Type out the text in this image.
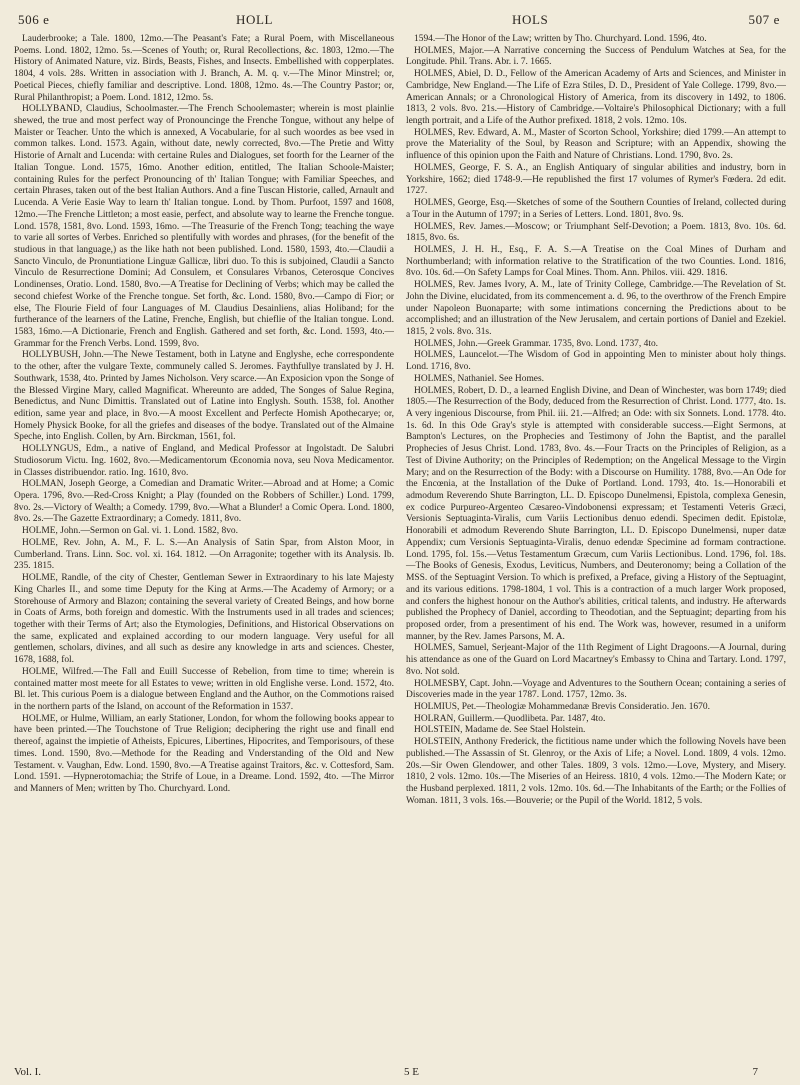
506 e	HOLL	HOLS	507 e

Lauderbrooke; a Tale. 1800, 12mo.—The Peasant's Fate; a Rural Poem, with Miscellaneous Poems. Lond. 1802, 12mo. 5s.—Scenes of Youth; or, Rural Recollections, &c. 1803, 12mo.—The History of Animated Nature, viz. Birds, Beasts, Fishes, and Insects. Embellished with copperplates. 1804, 4 vols. 28s. Written in association with J. Branch, A. M. q. v.—The Minor Minstrel; or, Poetical Pieces, chiefly familiar and descriptive. Lond. 1808, 12mo. 4s.—The Country Pastor; or, Rural Philanthropist; a Poem. Lond. 1812, 12mo. 5s.

HOLLYBAND, Claudius, Schoolmaster.—The French Schoolemaster; wherein is most plainlie shewed, the true and most perfect way of Pronouncinge the Frenche Tongue, without any helpe of Maister or Teacher. Unto the which is annexed, A Vocabularie, for al such woordes as bee vsed in common talkes. Lond. 1573. Again, without date, newly corrected, 8vo.—The Pretie and Witty Historie of Arnalt and Lucenda: with certaine Rules and Dialogues, set foorth for the Learner of the Italian Tongue. Lond. 1575, 16mo. Another edition, entitled, The Italian Schoole-Maister; containing Rules for the perfect Pronouncing of th' Italian Tongue; with Familiar Speeches, and certain Phrases, taken out of the best Italian Authors. And a fine Tuscan Historie, called, Arnault and Lucenda. A Verie Easie Way to learn th' Italian tongue. Lond. by Thom. Purfoot, 1597 and 1608, 12mo.—The Frenche Littleton; a most easie, perfect, and absolute way to learne the Frenche tongue. Lond. 1578, 1581, 8vo. Lond. 1593, 16mo. —The Treasurie of the French Tong; teaching the waye to varie all sortes of Verbes. Enriched so plentifully with wordes and phrases, (for the benefit of the studious in that language,) as the like hath not been published. Lond. 1580, 1593, 4to.—Claudii a Sancto Vinculo, de Pronuntiatione Linguæ Gallicæ, libri duo. To this is subjoined, Claudii a Sancto Vinculo de Resurrectione Domini; Ad Consulem, et Consulares Vrbanos, Ceterosque Concives Londinenses, Oratio. Lond. 1580, 8vo.—A Treatise for Declining of Verbs; which may be called the second chiefest Worke of the Frenche tongue. Set forth, &c. Lond. 1580, 8vo.—Campo di Fior; or else, The Flourie Field of four Languages of M. Claudius Desainliens, alias Holiband; for the furtherance of the learners of the Latine, Frenche, English, but chieflie of the Italian tongue. Lond. 1583, 16mo.—A Dictionarie, French and English. Gathered and set forth, &c. Lond. 1593, 4to.—Grammar for the French Verbs. Lond. 1599, 8vo.

HOLLYBUSH, John.—The Newe Testament, both in Latyne and Englyshe, eche correspondente to the other, after the vulgare Texte, communely called S. Jeromes. Faythfullye translated by J. H. Southwark, 1538, 4to. Printed by James Nicholson. Very scarce.—An Exposicion vpon the Songe of the Blessed Virgine Mary, called Magnificat. Whereunto are added, The Songes of Salue Regina, Benedictus, and Nunc Dimittis. Translated out of Latine into Englysh. South. 1538, fol. Another edition, same year and place, in 8vo.—A moost Excellent and Perfecte Homish Apothecarye; or, Homely Physick Booke, for all the griefes and diseases of the bodye. Translated out of the Almaine Speche, into English. Collen, by Arn. Birckman, 1561, fol.

HOLLYNGUS, Edm., a native of England, and Medical Professor at Ingolstadt. De Salubri Studiosorum Victu. Ing. 1602, 8vo.—Medicamentorum Œconomia nova, seu Nova Medicamentor. in Classes distribuendor. ratio. Ing. 1610, 8vo.

HOLMAN, Joseph George, a Comedian and Dramatic Writer.—Abroad and at Home; a Comic Opera. 1796, 8vo.—Red-Cross Knight; a Play (founded on the Robbers of Schiller.) Lond. 1799, 8vo. 2s.—Victory of Wealth; a Comedy. 1799, 8vo.—What a Blunder! a Comic Opera. Lond. 1800, 8vo. 2s.—The Gazette Extraordinary; a Comedy. 1811, 8vo.

HOLME, John.—Sermon on Gal. vi. 1. Lond. 1582, 8vo.

HOLME, Rev. John, A. M., F. L. S.—An Analysis of Satin Spar, from Alston Moor, in Cumberland. Trans. Linn. Soc. vol. xi. 164. 1812. —On Arragonite; together with its Analysis. Ib. 235. 1815.

HOLME, Randle, of the city of Chester, Gentleman Sewer in Extraordinary to his late Majesty King Charles II., and some time Deputy for the King at Arms.—The Academy of Armory; or a Storehouse of Armory and Blazon; containing the several variety of Created Beings, and how borne in Coats of Arms, both foreign and domestic. With the Instruments used in all trades and sciences; together with their Terms of Art; also the Etymologies, Definitions, and Historical Observations on the same, explicated and explained according to our modern language. Very useful for all gentlemen, scholars, divines, and all such as desire any knowledge in arts and sciences. Chester, 1678, 1688, fol.

HOLME, Wilfred.—The Fall and Euill Successe of Rebelion, from time to time; wherein is contained matter most meete for all Estates to vewe; written in old Englishe verse. Lond. 1572, 4to. Bl. let. This curious Poem is a dialogue between England and the Author, on the Commotions raised in the northern parts of the Island, on account of the Reformation in 1537.

HOLME, or Hulme, William, an early Stationer, London, for whom the following books appear to have been printed.—The Touchstone of True Religion; deciphering the right use and finall end thereof, against the impietie of Atheists, Epicures, Libertines, Hipocrites, and Temporisours, of these times. Lond. 1590, 8vo.—Methode for the Reading and Vnderstanding of the Old and New Testament. v. Vaughan, Edw. Lond. 1590, 8vo.—A Treatise against Traitors, &c. v. Cottesford, Sam. Lond. 1591. —Hypnerotomachia; the Strife of Loue, in a Dreame. Lond. 1592, 4to. —The Mirror and Manners of Men; written by Tho. Churchyard. Lond.

1594.—The Honor of the Law; written by Tho. Churchyard. Lond. 1596, 4to.

HOLMES, Major.—A Narrative concerning the Success of Pendulum Watches at Sea, for the Longitude. Phil. Trans. Abr. i. 7. 1665.

HOLMES, Abiel, D. D., Fellow of the American Academy of Arts and Sciences, and Minister in Cambridge, New England.—The Life of Ezra Stiles, D. D., President of Yale College. 1799, 8vo.—American Annals; or a Chronological History of America, from its discovery in 1492, to 1806. 1813, 2 vols. 8vo. 21s.—History of Cambridge.—Voltaire's Philosophical Dictionary; with a full length portrait, and a Life of the Author prefixed. 1818, 2 vols. 12mo. 10s.

HOLMES, Rev. Edward, A. M., Master of Scorton School, Yorkshire; died 1799.—An attempt to prove the Materiality of the Soul, by Reason and Scripture; with an Appendix, showing the influence of this opinion upon the Faith and Nature of Christians. Lond. 1790, 8vo. 2s.

HOLMES, George, F. S. A., an English Antiquary of singular abilities and industry, born in Yorkshire, 1662; died 1748-9.—He republished the first 17 volumes of Rymer's Fœdera. 2d edit. 1727.

HOLMES, George, Esq.—Sketches of some of the Southern Counties of Ireland, collected during a Tour in the Autumn of 1797; in a Series of Letters. Lond. 1801, 8vo. 9s.

HOLMES, Rev. James.—Moscow; or Triumphant Self-Devotion; a Poem. 1813, 8vo. 10s. 6d. 1815, 8vo. 6s.

HOLMES, J. H. H., Esq., F. A. S.—A Treatise on the Coal Mines of Durham and Northumberland; with information relative to the Stratification of the two Counties. Lond. 1816, 8vo. 10s. 6d.—On Safety Lamps for Coal Mines. Thom. Ann. Philos. viii. 429. 1816.

HOLMES, Rev. James Ivory, A. M., late of Trinity College, Cambridge.—The Revelation of St. John the Divine, elucidated, from its commencement a. d. 96, to the overthrow of the French Empire under Napoleon Buonaparte; with some intimations concerning the Predictions about to be accomplished; and an illustration of the New Jerusalem, and certain portions of Daniel and Ezekiel. 1815, 2 vols. 8vo. 31s.

HOLMES, John.—Greek Grammar. 1735, 8vo. Lond. 1737, 4to.

HOLMES, Launcelot.—The Wisdom of God in appointing Men to minister about holy things. Lond. 1716, 8vo.

HOLMES, Nathaniel. See Homes.

HOLMES, Robert, D. D., a learned English Divine, and Dean of Winchester, was born 1749; died 1805.—The Resurrection of the Body, deduced from the Resurrection of Christ. Lond. 1777, 4to. 1s. A very ingenious Discourse, from Phil. iii. 21.—Alfred; an Ode: with six Sonnets. Lond. 1778. 4to. 1s. 6d. In this Ode Gray's style is attempted with considerable success.—Eight Sermons, at Bampton's Lectures, on the Prophecies and Testimony of John the Baptist, and the parallel Prophecies of Jesus Christ. Lond. 1783, 8vo. 4s.—Four Tracts on the Principles of Religion, as a Test of Divine Authority; on the Principles of Redemption; on the Angelical Message to the Virgin Mary; and on the Resurrection of the Body: with a Discourse on Humility. 1788, 8vo.—An Ode for the Encœnia, at the Installation of the Duke of Portland. Lond. 1793, 4to. 1s.—Honorabili et admodum Reverendo Shute Barrington, LL. D. Episcopo Dunelmensi, Epistola, complexa Genesin, ex codice Purpureo-Argenteo Cæsareo-Vindobonensi expressam; et Testamenti Veteris Græci, Versionis Septuaginta-Viralis, cum Variis Lectionibus denuo edendi. Specimen dedit. Epistolæ, Honorabili et admodum Reverendo Shute Barrington, LL. D. Episcopo Dunelmensi, nuper datæ Appendix; cum Versionis Septuaginta-Viralis, denuo edendæ Specimine ad formam contractione. Lond. 1795, fol. 15s.—Vetus Testamentum Græcum, cum Variis Lectionibus. Lond. 1796, fol. 18s.—The Books of Genesis, Exodus, Leviticus, Numbers, and Deuteronomy; being a Collation of the MSS. of the Septuagint Version. To which is prefixed, a Preface, giving a History of the Septuagint, and its various editions. 1798-1804, 1 vol. This is a contraction of a much larger Work proposed, and confers the highest honour on the Author's abilities, critical talents, and industry. He afterwards published the Prophecy of Daniel, according to Theodotian, and the Septuagint; departing from his proposed order, from a presentiment of his end. The Work was, however, resumed in a uniform manner, by the Rev. James Parsons, M. A.

HOLMES, Samuel, Serjeant-Major of the 11th Regiment of Light Dragoons.—A Journal, during his attendance as one of the Guard on Lord Macartney's Embassy to China and Tartary. Lond. 1797, 8vo. Not sold.

HOLMESBY, Capt. John.—Voyage and Adventures to the Southern Ocean; containing a series of Discoveries made in the year 1787. Lond. 1757, 12mo. 3s.

HOLMIUS, Pet.—Theologiæ Mohammedanæ Brevis Consideratio. Jen. 1670.

HOLRAN, Guillerm.—Quodlibeta. Par. 1487, 4to.

HOLSTEIN, Madame de. See Stael Holstein.

HOLSTEIN, Anthony Frederick, the fictitious name under which the following Novels have been published.—The Assassin of St. Glenroy, or the Axis of Life; a Novel. Lond. 1809, 4 vols. 12mo. 20s.—Sir Owen Glendower, and other Tales. 1809, 3 vols. 12mo.—Love, Mystery, and Misery. 1810, 2 vols. 12mo. 10s.—The Miseries of an Heiress. 1810, 4 vols. 12mo.—The Modern Kate; or the Husband perplexed. 1811, 2 vols. 12mo. 10s. 6d.—The Inhabitants of the Earth; or the Follies of Woman. 1811, 3 vols. 16s.—Bouverie; or the Pupil of the World. 1812, 5 vols.

Vol. I.	5 E	7
